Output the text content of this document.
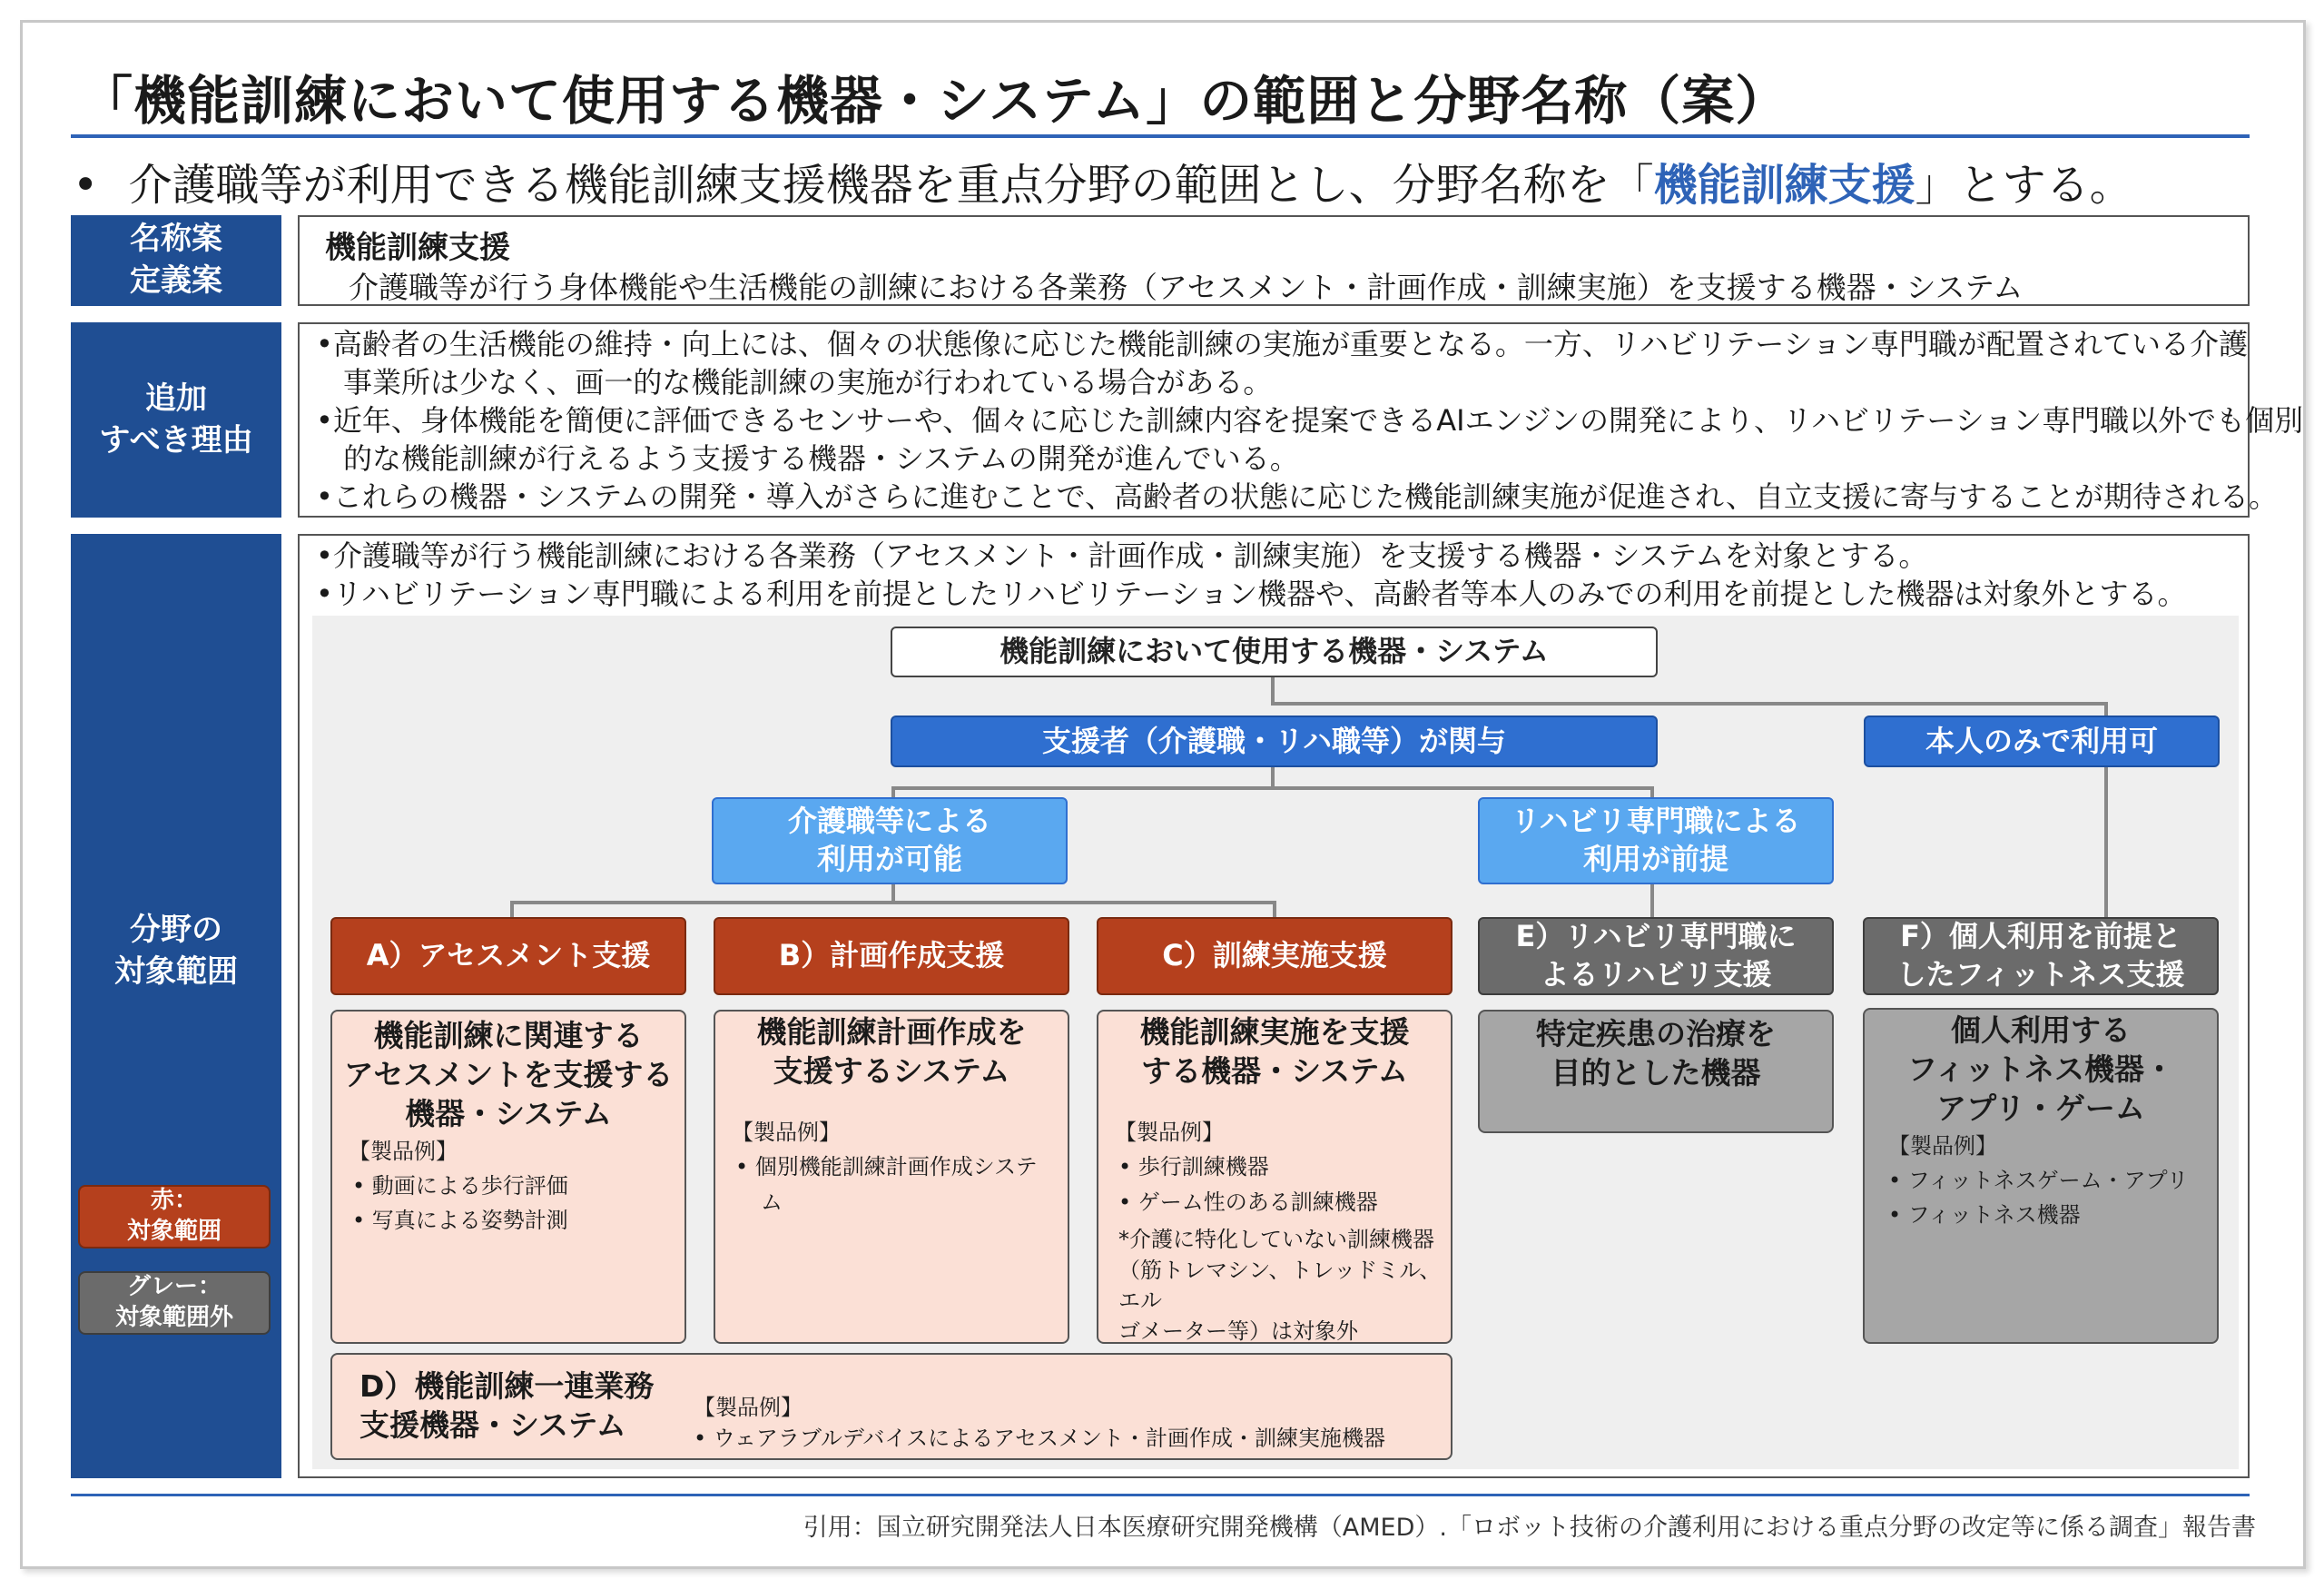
「機能訓練において使用する機器・システム」の範囲と分野名称（案）
• 介護職等が利用できる機能訓練支援機器を重点分野の範囲とし、分野名称を「機能訓練支援」とする。
名称案
定義案
機能訓練支援
介護職等が行う身体機能や生活機能の訓練における各業務（アセスメント・計画作成・訓練実施）を支援する機器・システム
追加
すべき理由
•高齢者の生活機能の維持・向上には、個々の状態像に応じた機能訓練の実施が重要となる。一方、リハビリテーション専門職が配置されている介護
事業所は少なく、画一的な機能訓練の実施が行われている場合がある。
•近年、身体機能を簡便に評価できるセンサーや、個々に応じた訓練内容を提案できるAIエンジンの開発により、リハビリテーション専門職以外でも個別
的な機能訓練が行えるよう支援する機器・システムの開発が進んでいる。
•これらの機器・システムの開発・導入がさらに進むことで、高齢者の状態に応じた機能訓練実施が促進され、自立支援に寄与することが期待される。
分野の
対象範囲
赤：
対象範囲
グレー：
対象範囲外
•介護職等が行う機能訓練における各業務（アセスメント・計画作成・訓練実施）を支援する機器・システムを対象とする。
•リハビリテーション専門職による利用を前提としたリハビリテーション機器や、高齢者等本人のみでの利用を前提とした機器は対象外とする。
機能訓練において使用する機器・システム
支援者（介護職・リハ職等）が関与	本人のみで利用可
介護職等による
利用が可能
リハビリ専門職による
利用が前提
A）アセスメント支援	B）計画作成支援	C）訓練実施支援
E）リハビリ専門職に
よるリハビリ支援
F）個人利用を前提と
したフィットネス支援
機能訓練に関連する
アセスメントを支援する
機器・システム
【製品例】
• 動画による歩行評価
• 写真による姿勢計測
機能訓練計画作成を
支援するシステム
【製品例】
• 個別機能訓練計画作成システ
ム
機能訓練実施を支援
する機器・システム
【製品例】
• 歩行訓練機器
• ゲーム性のある訓練機器
*介護に特化していない訓練機器
（筋トレマシン、トレッドミル、エル
ゴメーター等）は対象外
特定疾患の治療を
目的とした機器
個人利用する
フィットネス機器・
アプリ・ゲーム
【製品例】
• フィットネスゲーム・アプリ
• フィットネス機器
D）機能訓練一連業務
支援機器・システム	【製品例】
• ウェアラブルデバイスによるアセスメント・計画作成・訓練実施機器
引用：国立研究開発法人日本医療研究開発機構（AMED）.「ロボット技術の介護利用における重点分野の改定等に係る調査」報告書
